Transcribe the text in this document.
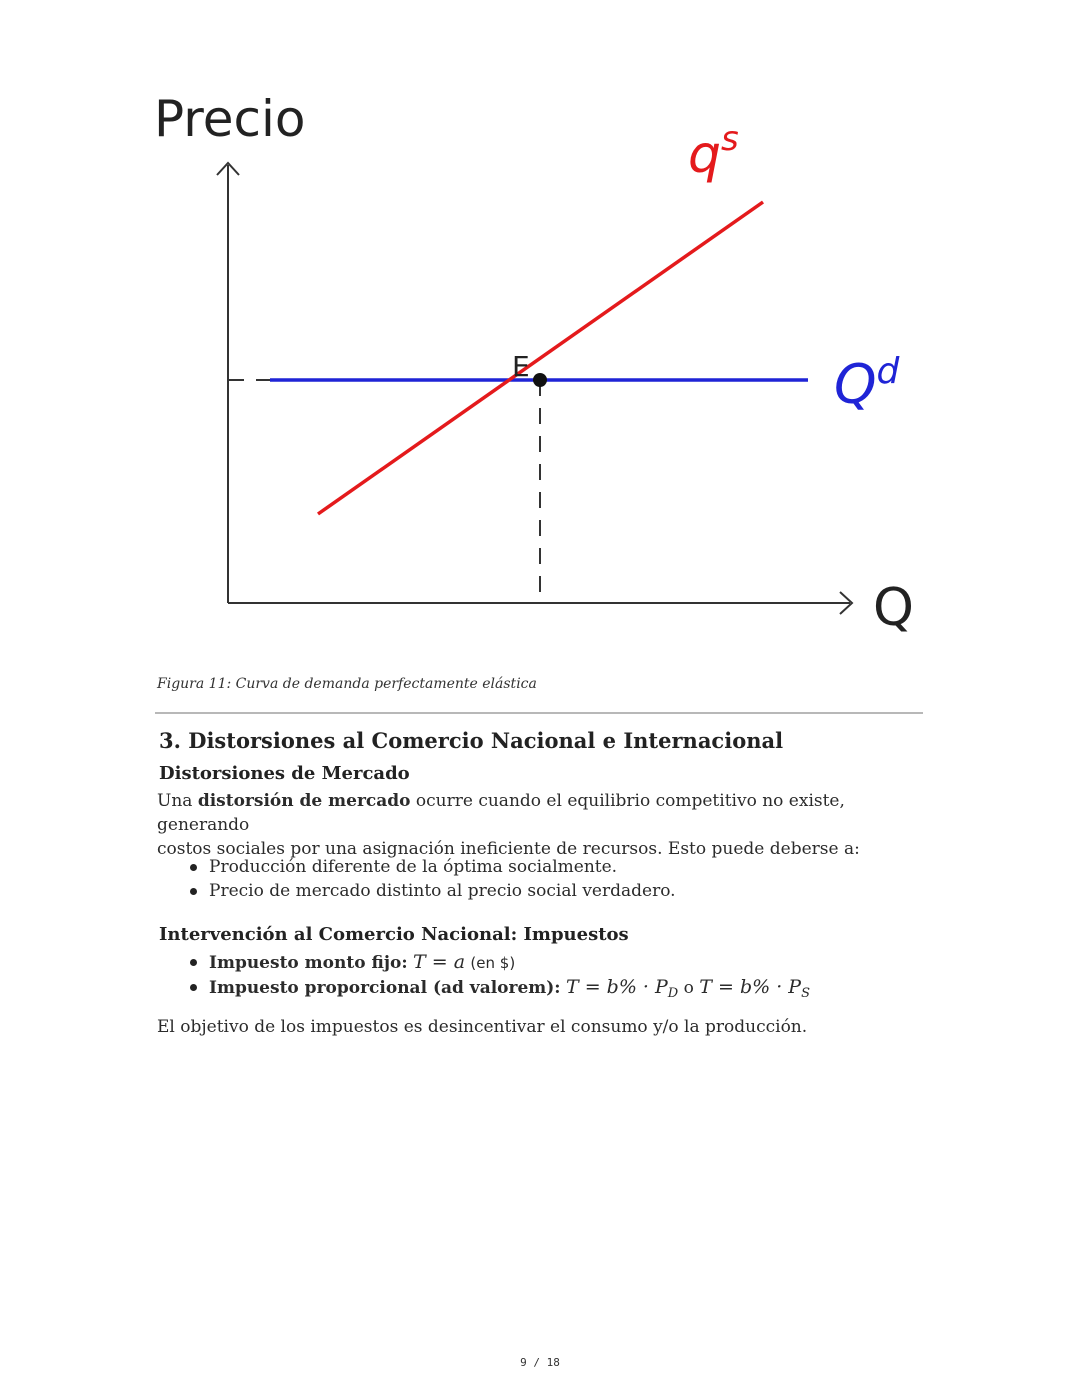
Precio
Q
E
$q^s$
$Q^d$
Figura 11: Curva de demanda perfectamente elástica
3. Distorsiones al Comercio Nacional e Internacional
Distorsiones de Mercado

Una distorsión de mercado ocurre cuando el equilibrio competitivo no existe, generando
costos sociales por una asignación ineficiente de recursos. Esto puede deberse a:

Producción diferente de la óptima socialmente.
Precio de mercado distinto al precio social verdadero.
Intervención al Comercio Nacional: Impuestos
Impuesto monto fijo: T = a (en $)
Impuesto proporcional (ad valorem): $T = b\% \cdot P_D$ o $T = b\% \cdot P_S$

El objetivo de los impuestos es desincentivar el consumo y/o la producción.

9 / 18
